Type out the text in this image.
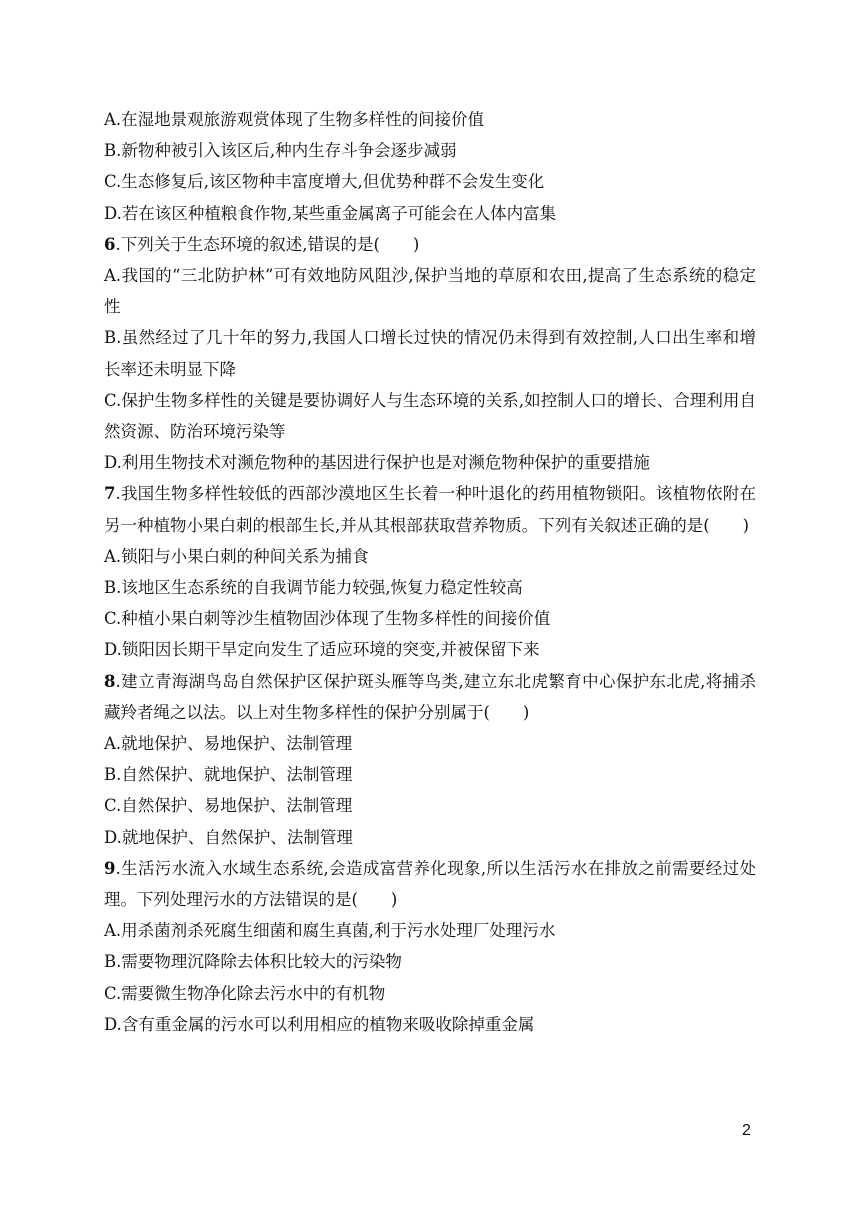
A.在湿地景观旅游观赏体现了生物多样性的间接价值
B.新物种被引入该区后,种内生存斗争会逐步减弱
C.生态修复后,该区物种丰富度增大,但优势种群不会发生变化
D.若在该区种植粮食作物,某些重金属离子可能会在人体内富集
6.下列关于生态环境的叙述,错误的是(　　)
A.我国的“三北防护林”可有效地防风阻沙,保护当地的草原和农田,提高了生态系统的稳定性
B.虽然经过了几十年的努力,我国人口增长过快的情况仍未得到有效控制,人口出生率和增长率还未明显下降
C.保护生物多样性的关键是要协调好人与生态环境的关系,如控制人口的增长、合理利用自然资源、防治环境污染等
D.利用生物技术对濒危物种的基因进行保护也是对濒危物种保护的重要措施
7.我国生物多样性较低的西部沙漠地区生长着一种叶退化的药用植物锁阳。该植物依附在另一种植物小果白刺的根部生长,并从其根部获取营养物质。下列有关叙述正确的是(　　)
A.锁阳与小果白刺的种间关系为捕食
B.该地区生态系统的自我调节能力较强,恢复力稳定性较高
C.种植小果白刺等沙生植物固沙体现了生物多样性的间接价值
D.锁阳因长期干旱定向发生了适应环境的突变,并被保留下来
8.建立青海湖鸟岛自然保护区保护斑头雁等鸟类,建立东北虎繁育中心保护东北虎,将捕杀藏羚者绳之以法。以上对生物多样性的保护分别属于(　　)
A.就地保护、易地保护、法制管理
B.自然保护、就地保护、法制管理
C.自然保护、易地保护、法制管理
D.就地保护、自然保护、法制管理
9.生活污水流入水域生态系统,会造成富营养化现象,所以生活污水在排放之前需要经过处理。下列处理污水的方法错误的是(　　)
A.用杀菌剂杀死腐生细菌和腐生真菌,利于污水处理厂处理污水
B.需要物理沉降除去体积比较大的污染物
C.需要微生物净化除去污水中的有机物
D.含有重金属的污水可以利用相应的植物来吸收除掉重金属
2
